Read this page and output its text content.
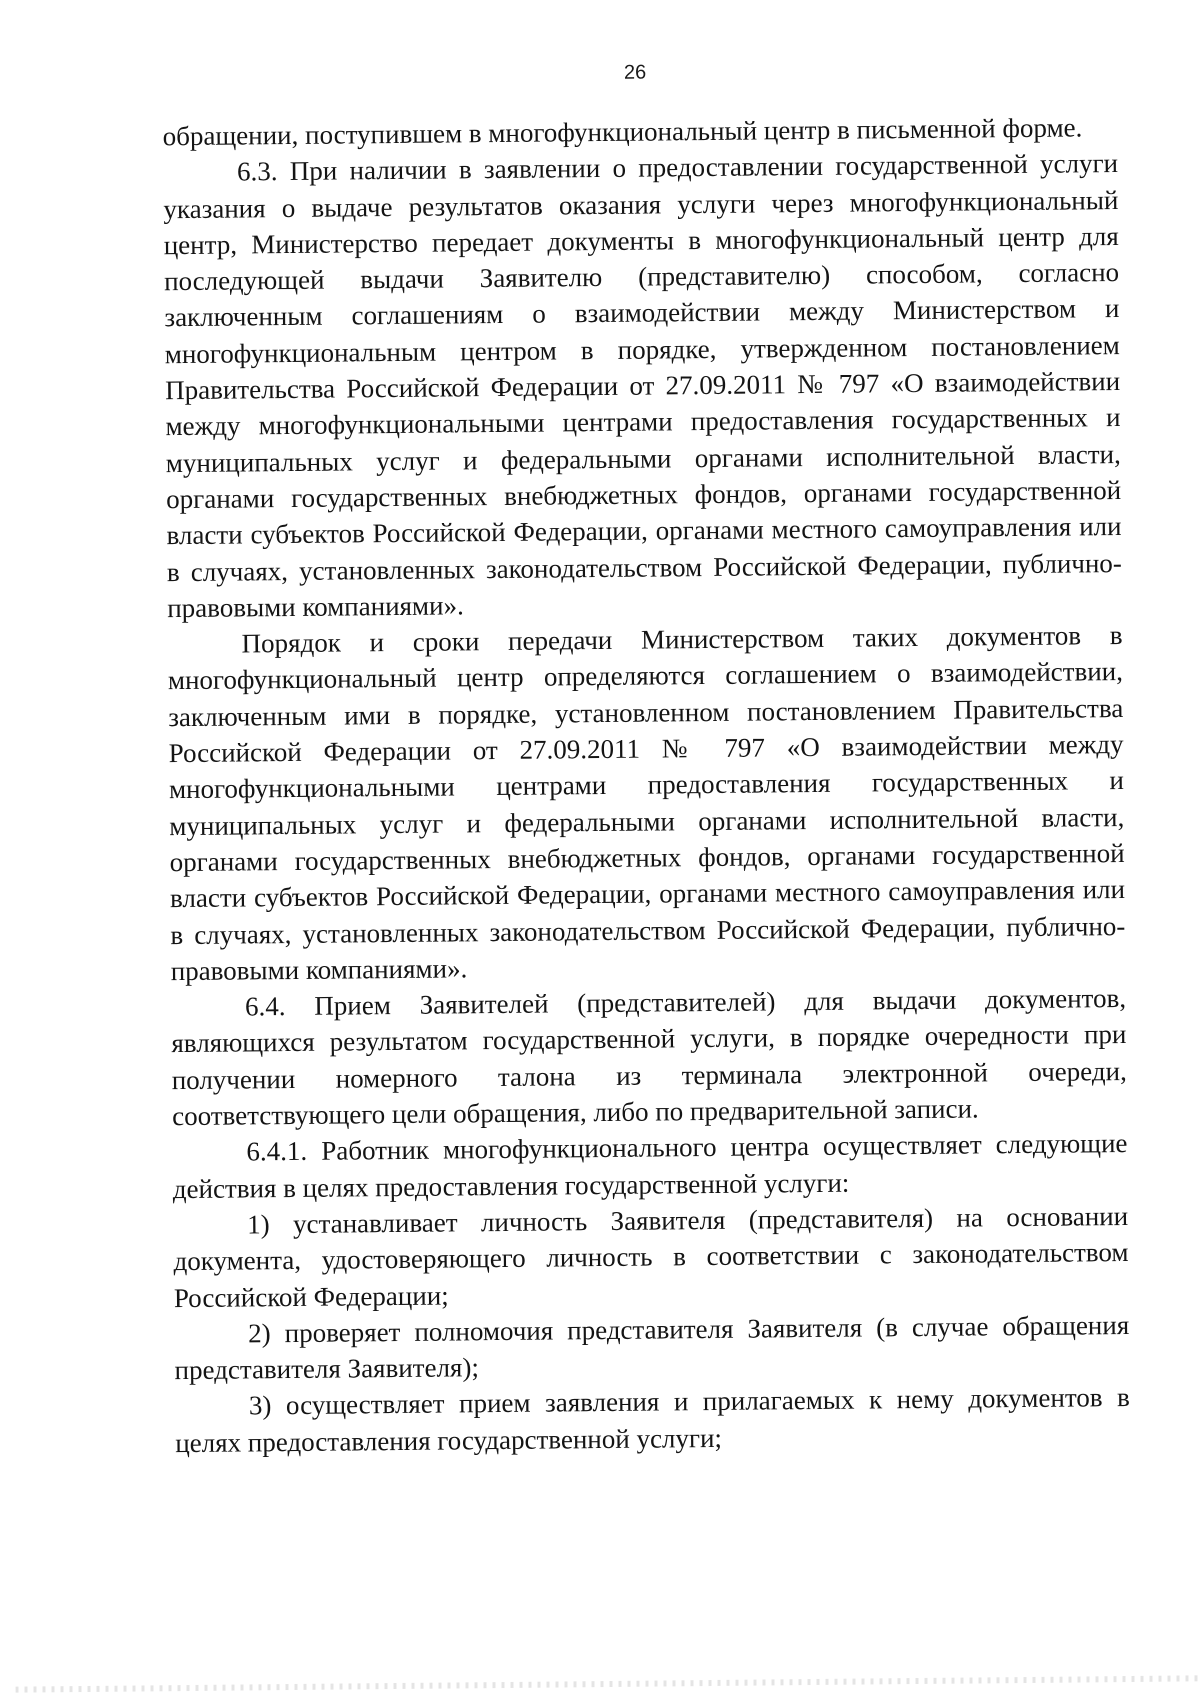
26

обращении, поступившем в многофункциональный центр в письменной форме.

6.3. При наличии в заявлении о предоставлении государственной услуги указания о выдаче результатов оказания услуги через многофункциональный центр, Министерство передает документы в многофункциональный центр для последующей выдачи Заявителю (представителю) способом, согласно заключенным соглашениям о взаимодействии между Министерством и многофункциональным центром в порядке, утвержденном постановлением Правительства Российской Федерации от 27.09.2011 № 797 «О взаимодействии между многофункциональными центрами предоставления государственных и муниципальных услуг и федеральными органами исполнительной власти, органами государственных внебюджетных фондов, органами государственной власти субъектов Российской Федерации, органами местного самоуправления или в случаях, установленных законодательством Российской Федерации, публично-правовыми компаниями».

Порядок и сроки передачи Министерством таких документов в многофункциональный центр определяются соглашением о взаимодействии, заключенным ими в порядке, установленном постановлением Правительства Российской Федерации от 27.09.2011 № 797 «О взаимодействии между многофункциональными центрами предоставления государственных и муниципальных услуг и федеральными органами исполнительной власти, органами государственных внебюджетных фондов, органами государственной власти субъектов Российской Федерации, органами местного самоуправления или в случаях, установленных законодательством Российской Федерации, публично-правовыми компаниями».

6.4. Прием Заявителей (представителей) для выдачи документов, являющихся результатом государственной услуги, в порядке очередности при получении номерного талона из терминала электронной очереди, соответствующего цели обращения, либо по предварительной записи.

6.4.1. Работник многофункционального центра осуществляет следующие действия в целях предоставления государственной услуги:

1) устанавливает личность Заявителя (представителя) на основании документа, удостоверяющего личность в соответствии с законодательством Российской Федерации;

2) проверяет полномочия представителя Заявителя (в случае обращения представителя Заявителя);

3) осуществляет прием заявления и прилагаемых к нему документов в целях предоставления государственной услуги;
